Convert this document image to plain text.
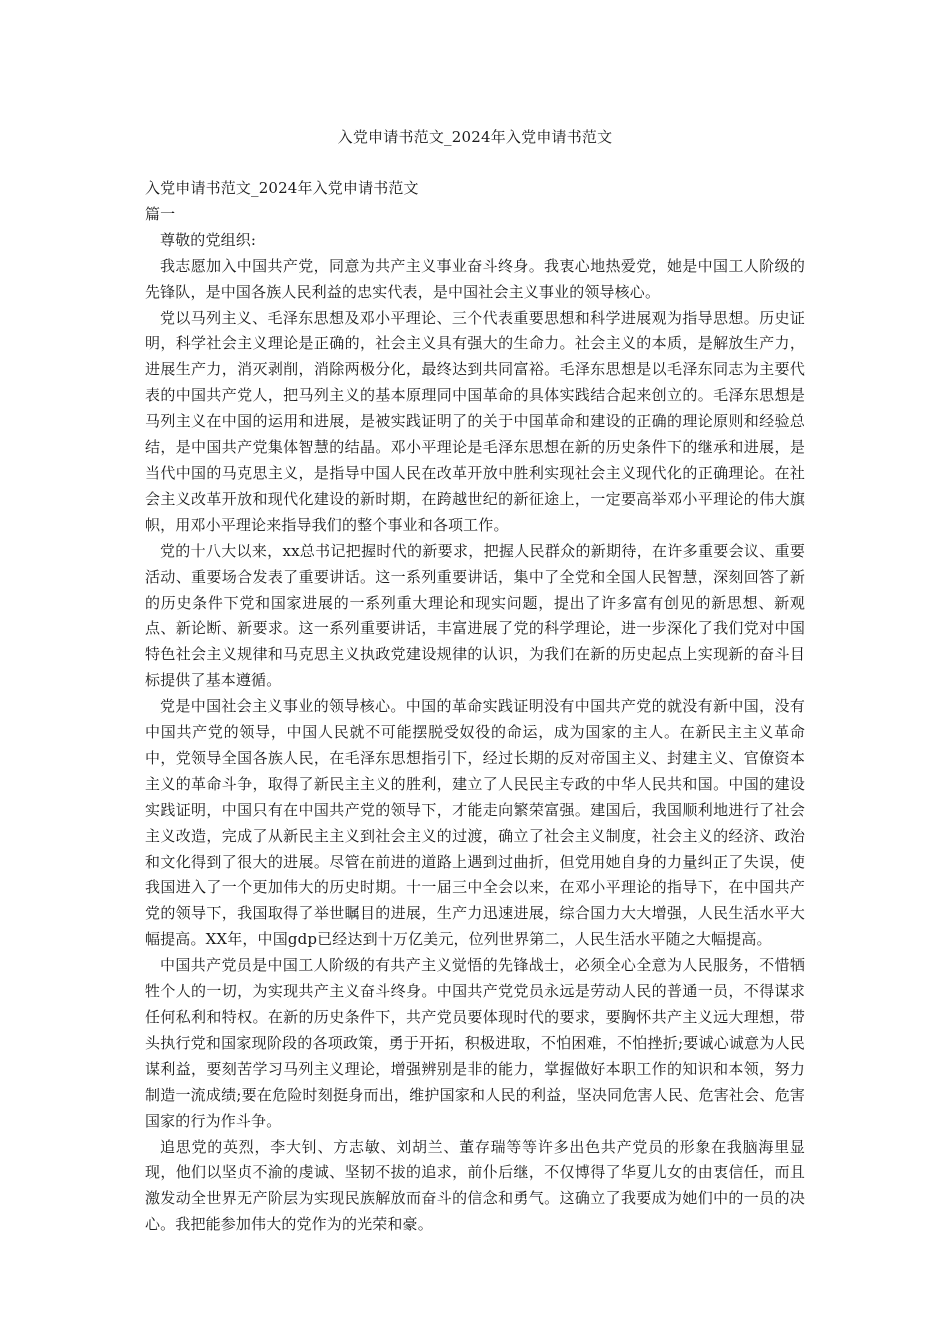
入党申请书范文_2024年入党申请书范文

入党申请书范文_2024年入党申请书范文

篇一

尊敬的党组织:

我志愿加入中国共产党，同意为共产主义事业奋斗终身。我衷心地热爱党，她是中国工人阶级的先锋队，是中国各族人民利益的忠实代表，是中国社会主义事业的领导核心。

党以马列主义、毛泽东思想及邓小平理论、三个代表重要思想和科学进展观为指导思想。历史证明，科学社会主义理论是正确的，社会主义具有强大的生命力。社会主义的本质，是解放生产力，进展生产力，消灭剥削，消除两极分化，最终达到共同富裕。毛泽东思想是以毛泽东同志为主要代表的中国共产党人，把马列主义的基本原理同中国革命的具体实践结合起来创立的。毛泽东思想是马列主义在中国的运用和进展，是被实践证明了的关于中国革命和建设的正确的理论原则和经验总结，是中国共产党集体智慧的结晶。邓小平理论是毛泽东思想在新的历史条件下的继承和进展，是当代中国的马克思主义，是指导中国人民在改革开放中胜利实现社会主义现代化的正确理论。在社会主义改革开放和现代化建设的新时期，在跨越世纪的新征途上，一定要高举邓小平理论的伟大旗帜，用邓小平理论来指导我们的整个事业和各项工作。

党的十八大以来，xx总书记把握时代的新要求，把握人民群众的新期待，在许多重要会议、重要活动、重要场合发表了重要讲话。这一系列重要讲话，集中了全党和全国人民智慧，深刻回答了新的历史条件下党和国家进展的一系列重大理论和现实问题，提出了许多富有创见的新思想、新观点、新论断、新要求。这一系列重要讲话，丰富进展了党的科学理论，进一步深化了我们党对中国特色社会主义规律和马克思主义执政党建设规律的认识，为我们在新的历史起点上实现新的奋斗目标提供了基本遵循。

党是中国社会主义事业的领导核心。中国的革命实践证明没有中国共产党的就没有新中国，没有中国共产党的领导，中国人民就不可能摆脱受奴役的命运，成为国家的主人。在新民主主义革命中，党领导全国各族人民，在毛泽东思想指引下，经过长期的反对帝国主义、封建主义、官僚资本主义的革命斗争，取得了新民主主义的胜利，建立了人民民主专政的中华人民共和国。中国的建设实践证明，中国只有在中国共产党的领导下，才能走向繁荣富强。建国后，我国顺利地进行了社会主义改造，完成了从新民主主义到社会主义的过渡，确立了社会主义制度，社会主义的经济、政治和文化得到了很大的进展。尽管在前进的道路上遇到过曲折，但党用她自身的力量纠正了失误，使我国进入了一个更加伟大的历史时期。十一届三中全会以来，在邓小平理论的指导下，在中国共产党的领导下，我国取得了举世瞩目的进展，生产力迅速进展，综合国力大大增强，人民生活水平大幅提高。XX年，中国gdp已经达到十万亿美元，位列世界第二，人民生活水平随之大幅提高。

中国共产党员是中国工人阶级的有共产主义觉悟的先锋战士，必须全心全意为人民服务，不惜牺牲个人的一切，为实现共产主义奋斗终身。中国共产党党员永远是劳动人民的普通一员，不得谋求任何私利和特权。在新的历史条件下，共产党员要体现时代的要求，要胸怀共产主义远大理想，带头执行党和国家现阶段的各项政策，勇于开拓，积极进取，不怕困难，不怕挫折;要诚心诚意为人民谋利益，要刻苦学习马列主义理论，增强辨别是非的能力，掌握做好本职工作的知识和本领，努力制造一流成绩;要在危险时刻挺身而出，维护国家和人民的利益，坚决同危害人民、危害社会、危害国家的行为作斗争。

追思党的英烈，李大钊、方志敏、刘胡兰、董存瑞等等许多出色共产党员的形象在我脑海里显现，他们以坚贞不渝的虔诚、坚韧不拔的追求，前仆后继，不仅博得了华夏儿女的由衷信任，而且激发动全世界无产阶层为实现民族解放而奋斗的信念和勇气。这确立了我要成为她们中的一员的决心。我把能参加伟大的党作为的光荣和豪。
